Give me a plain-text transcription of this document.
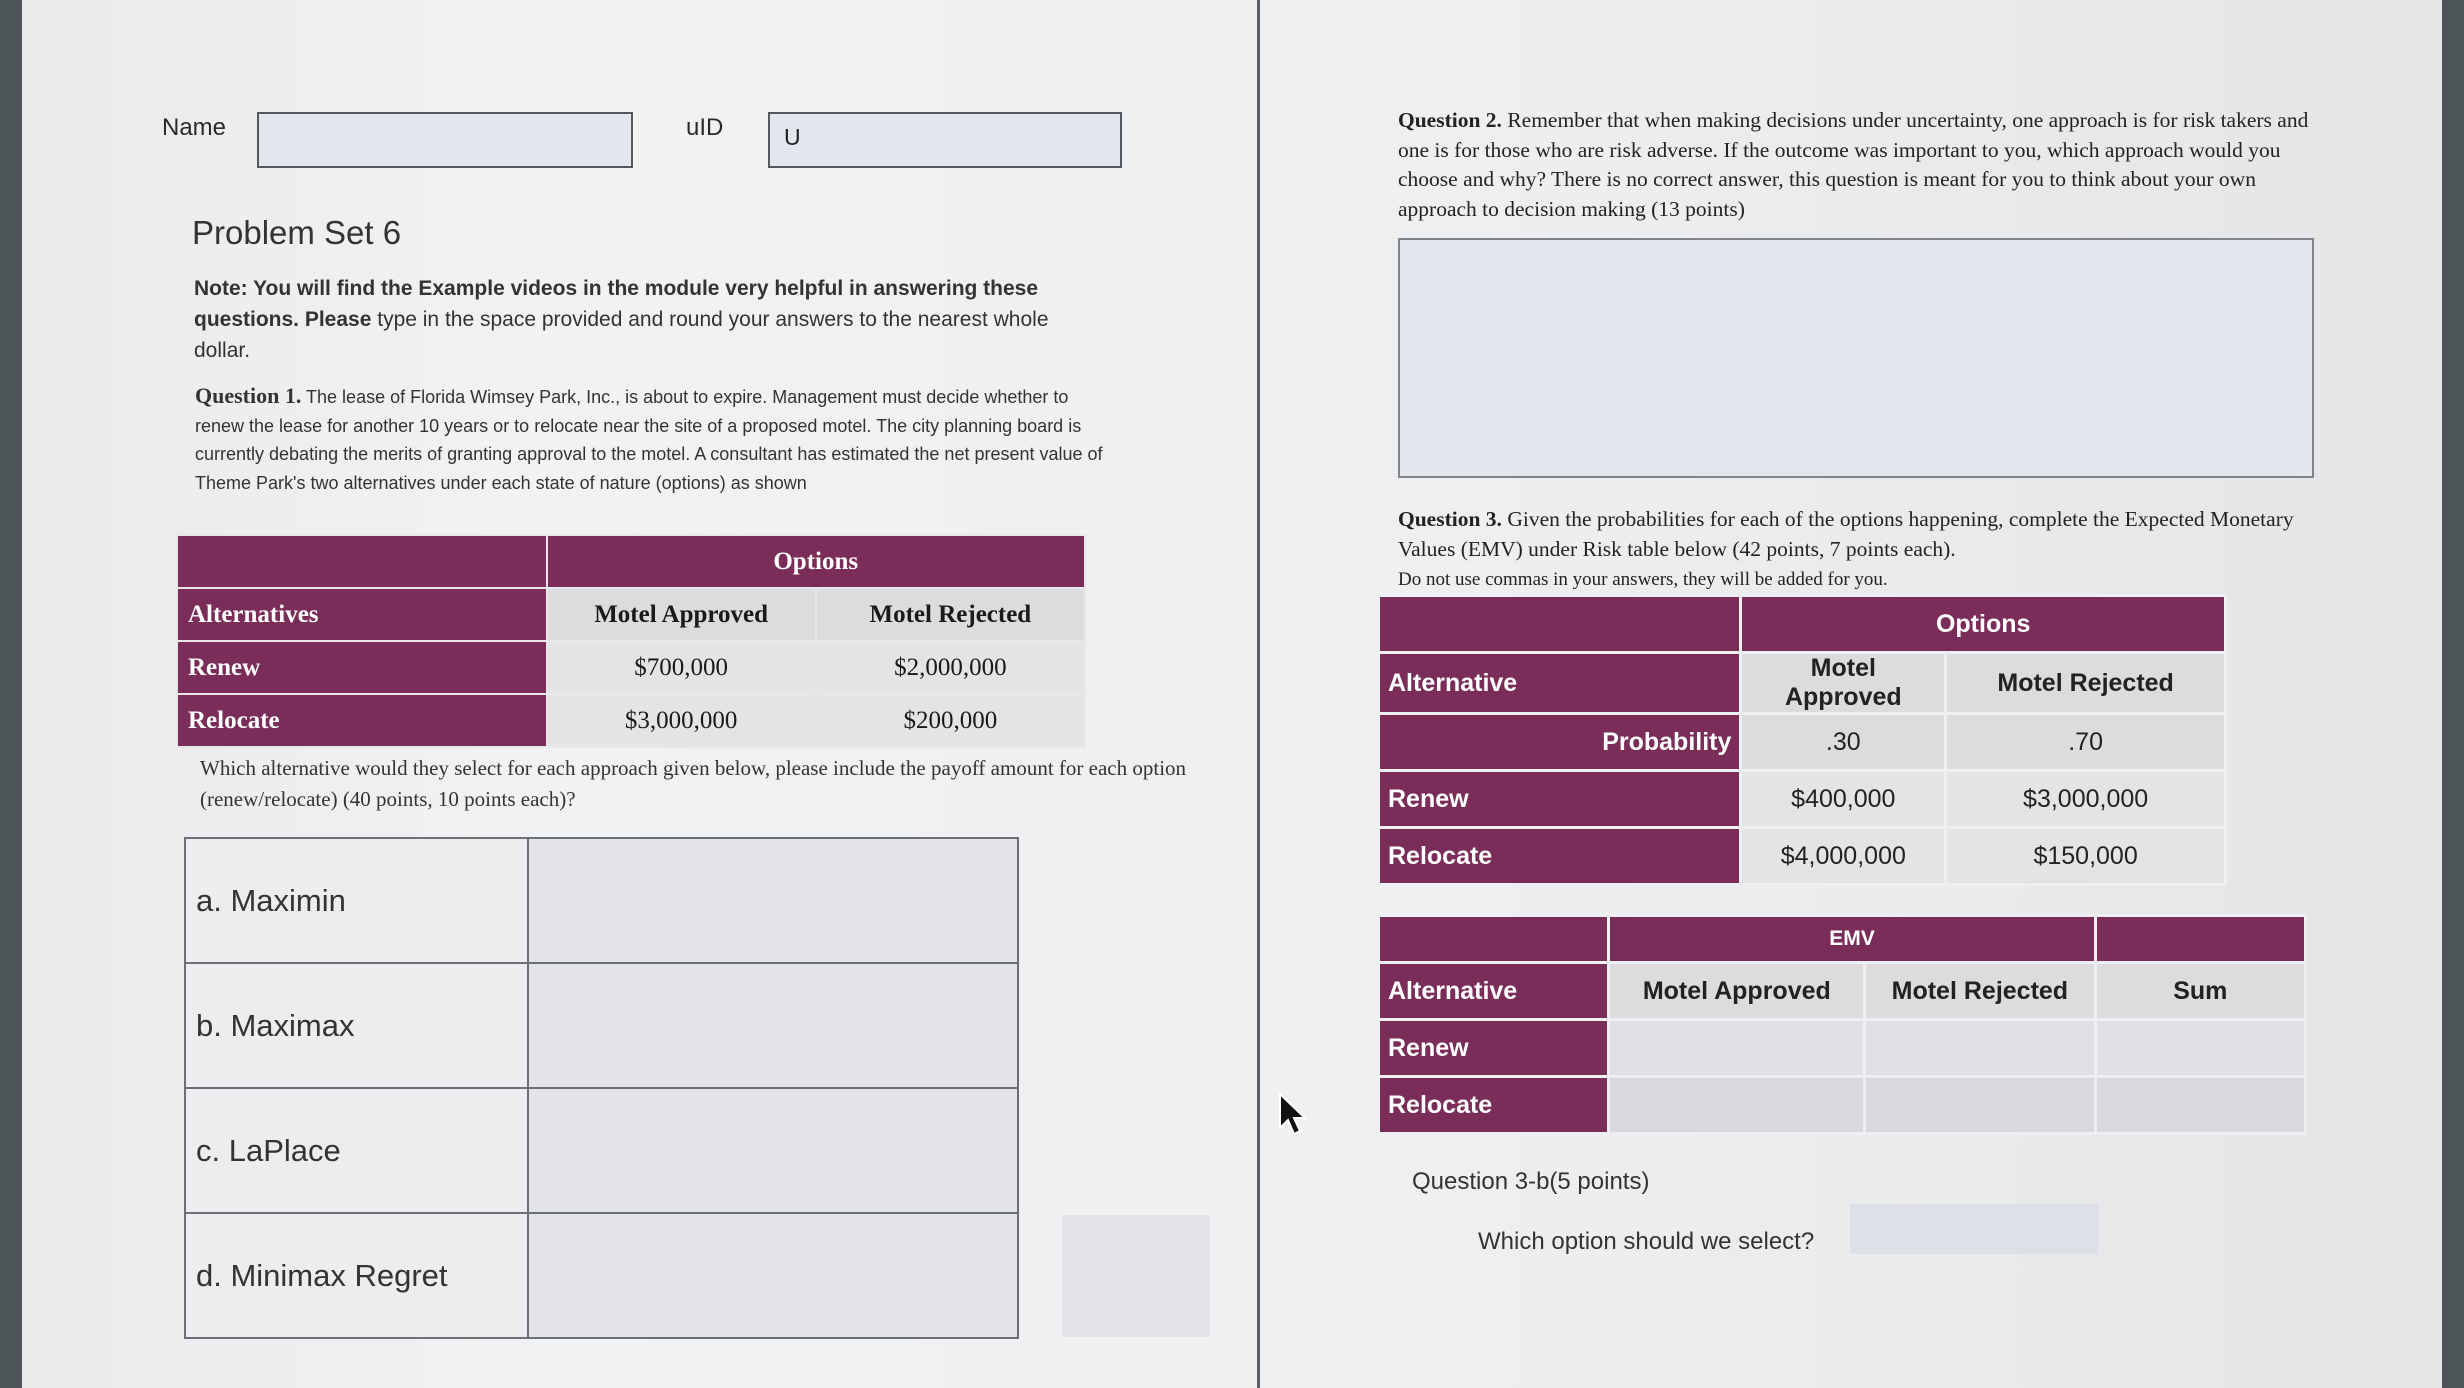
Name	uID	U
Problem Set 6
Note: You will find the Example videos in the module very helpful in answering these questions. Please type in the space provided and round your answers to the nearest whole dollar.
Question 1. The lease of Florida Wimsey Park, Inc., is about to expire. Management must decide whether to renew the lease for another 10 years or to relocate near the site of a proposed motel. The city planning board is currently debating the merits of granting approval to the motel. A consultant has estimated the net present value of Theme Park's two alternatives under each state of nature (options) as shown
	Options	
Alternatives	Motel Approved	Motel Rejected
Renew	$700,000	$2,000,000
Relocate	$3,000,000	$200,000
Which alternative would they select for each approach given below, please include the payoff amount for each option (renew/relocate) (40 points, 10 points each)?
a. Maximin	
b. Maximax	
c. LaPlace	
d. Minimax Regret	
Question 2. Remember that when making decisions under uncertainty, one approach is for risk takers and one is for those who are risk adverse. If the outcome was important to you, which approach would you choose and why? There is no correct answer, this question is meant for you to think about your own approach to decision making (13 points)
Question 3. Given the probabilities for each of the options happening, complete the Expected Monetary Values (EMV) under Risk table below (42 points, 7 points each).
Do not use commas in your answers, they will be added for you.
	Options	
Alternative	Motel Approved	Motel Rejected
Probability	.30	.70
Renew	$400,000	$3,000,000
Relocate	$4,000,000	$150,000
	EMV		
Alternative	Motel Approved	Motel Rejected	Sum
Renew			
Relocate			
Question 3-b(5 points)
Which option should we select?
